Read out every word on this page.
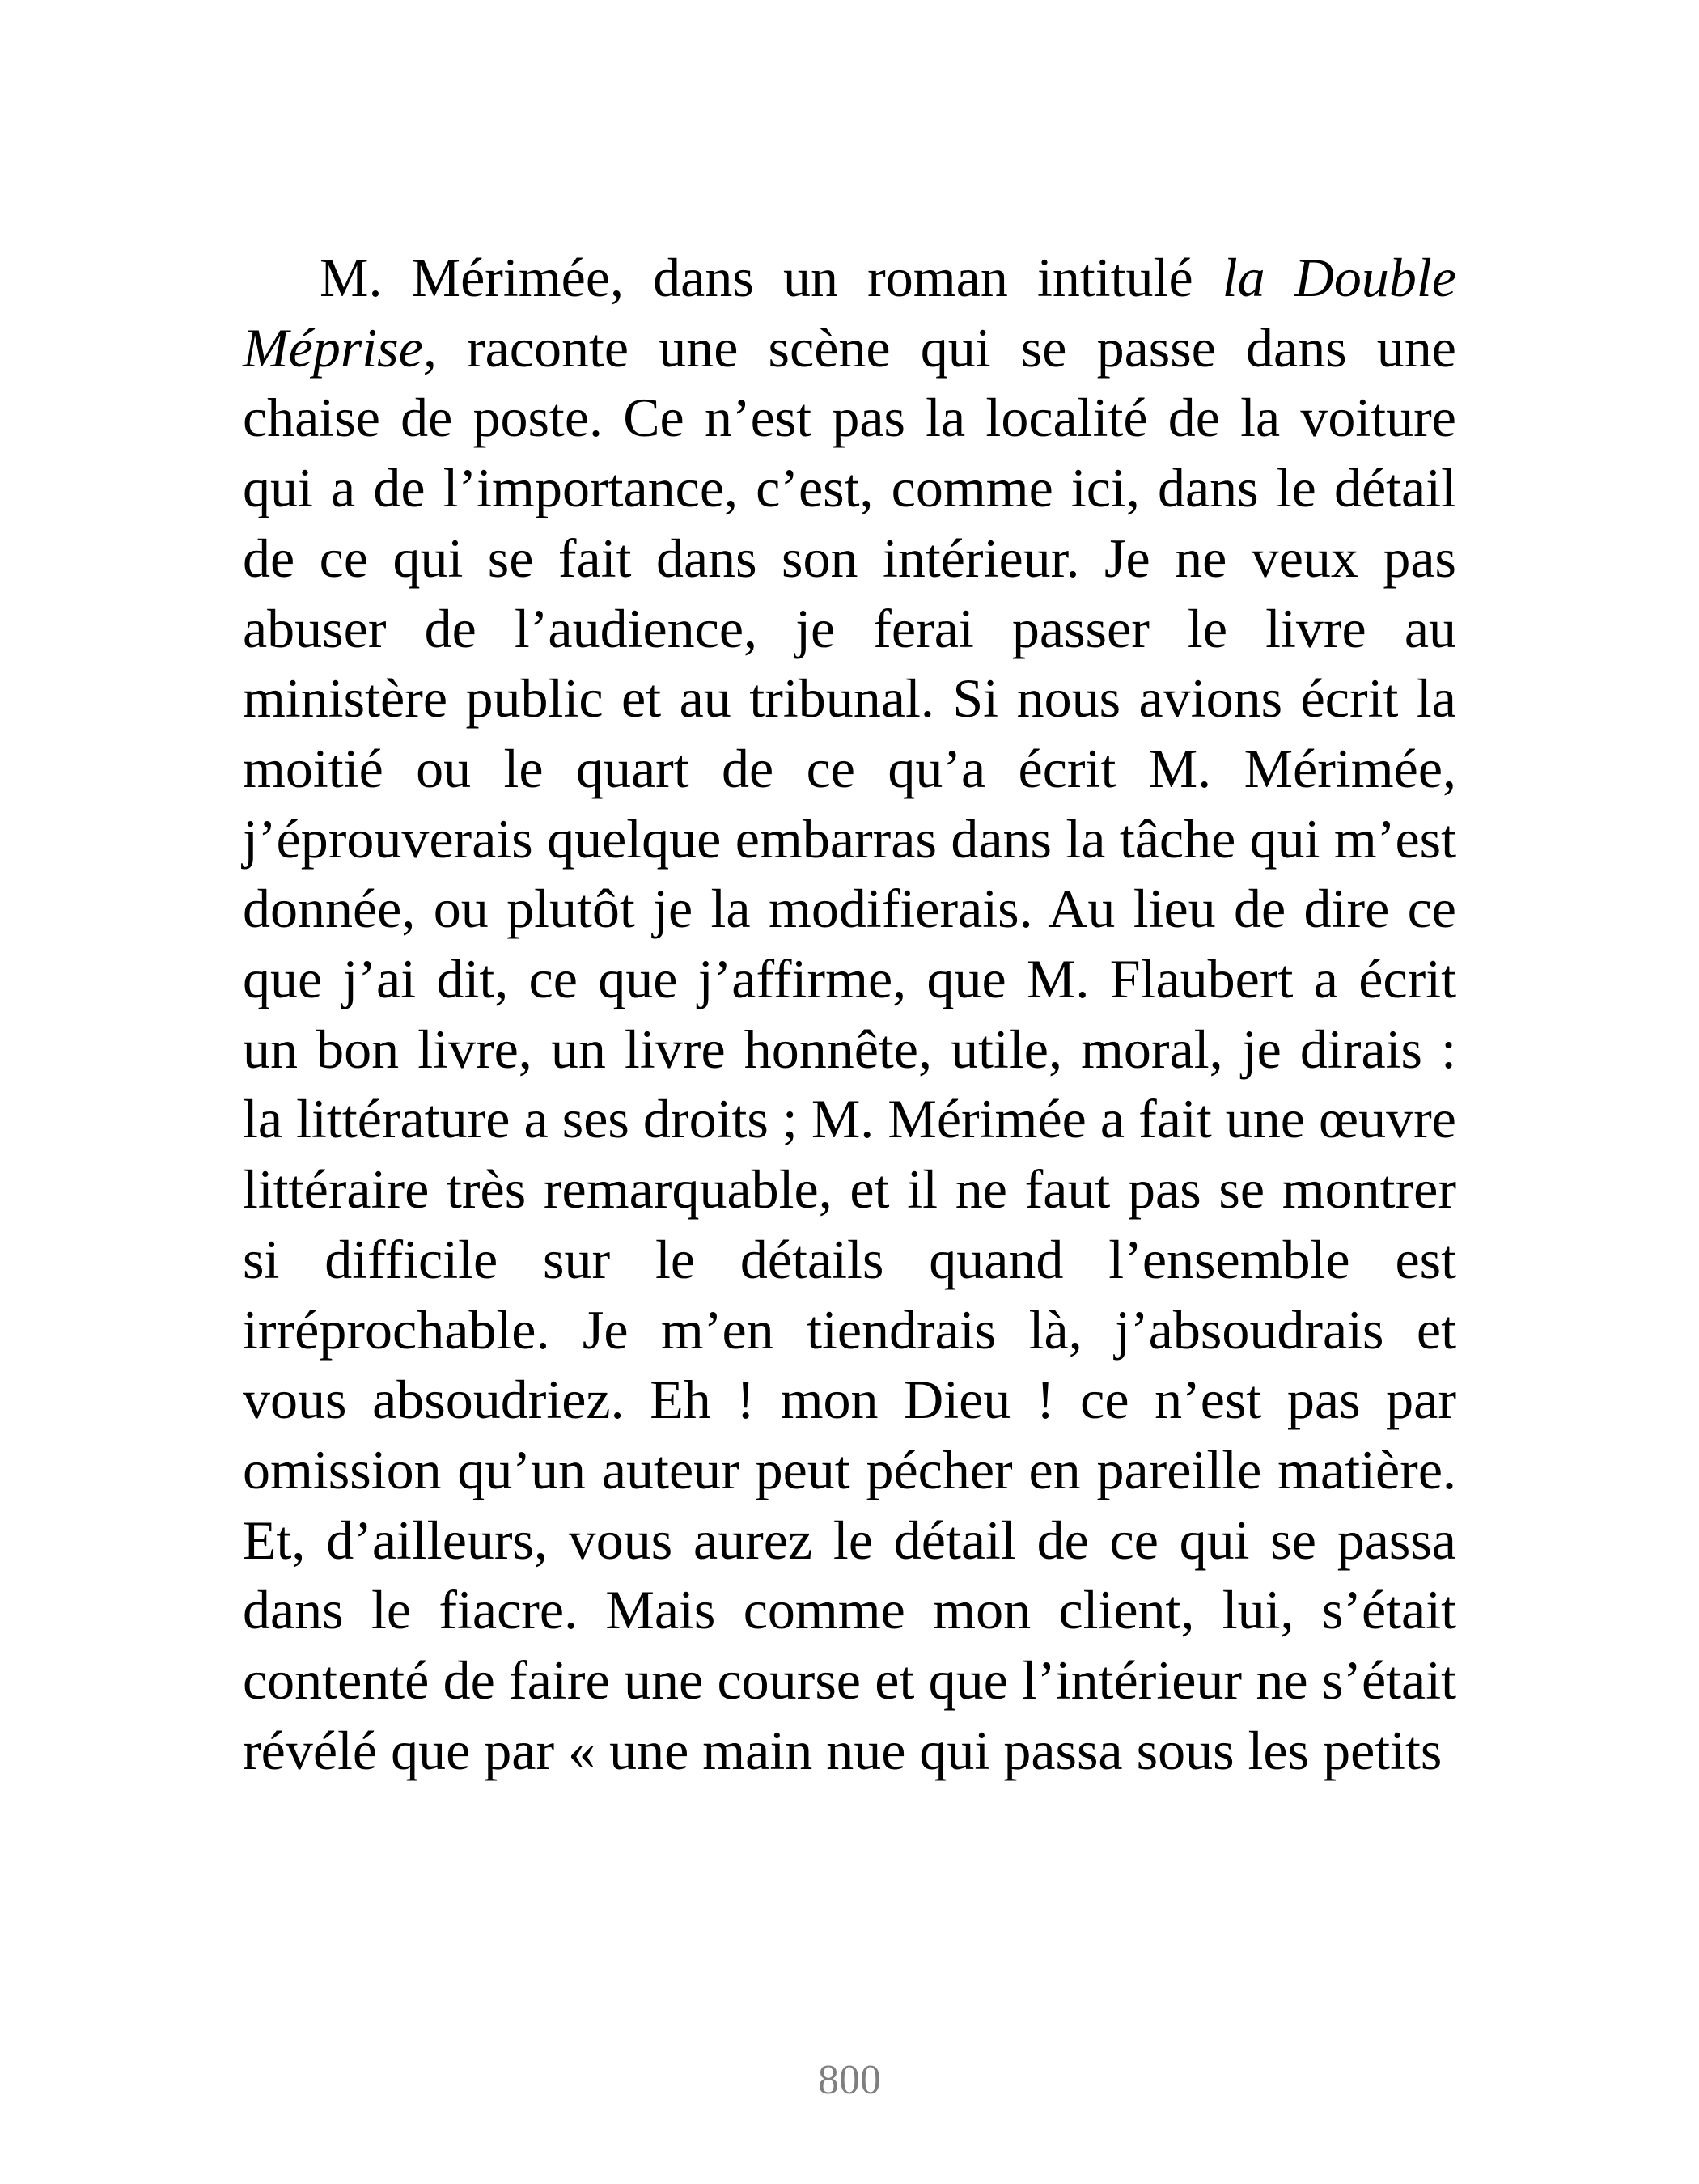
M. Mérimée, dans un roman intitulé la Double Méprise, raconte une scène qui se passe dans une chaise de poste. Ce n’est pas la localité de la voiture qui a de l’importance, c’est, comme ici, dans le détail de ce qui se fait dans son intérieur. Je ne veux pas abuser de l’audience, je ferai passer le livre au ministère public et au tribunal. Si nous avions écrit la moitié ou le quart de ce qu’a écrit M. Mérimée, j’éprouverais quelque embarras dans la tâche qui m’est donnée, ou plutôt je la modifierais. Au lieu de dire ce que j’ai dit, ce que j’affirme, que M. Flaubert a écrit un bon livre, un livre honnête, utile, moral, je dirais : la littérature a ses droits ; M. Mérimée a fait une œuvre littéraire très remarquable, et il ne faut pas se montrer si difficile sur le détails quand l’ensemble est irréprochable. Je m’en tiendrais là, j’absoudrais et vous absoudriez. Eh ! mon Dieu ! ce n’est pas par omission qu’un auteur peut pécher en pareille matière. Et, d’ailleurs, vous aurez le détail de ce qui se passa dans le fiacre. Mais comme mon client, lui, s’était contenté de faire une course et que l’intérieur ne s’était révélé que par « une main nue qui passa sous les petits

800
